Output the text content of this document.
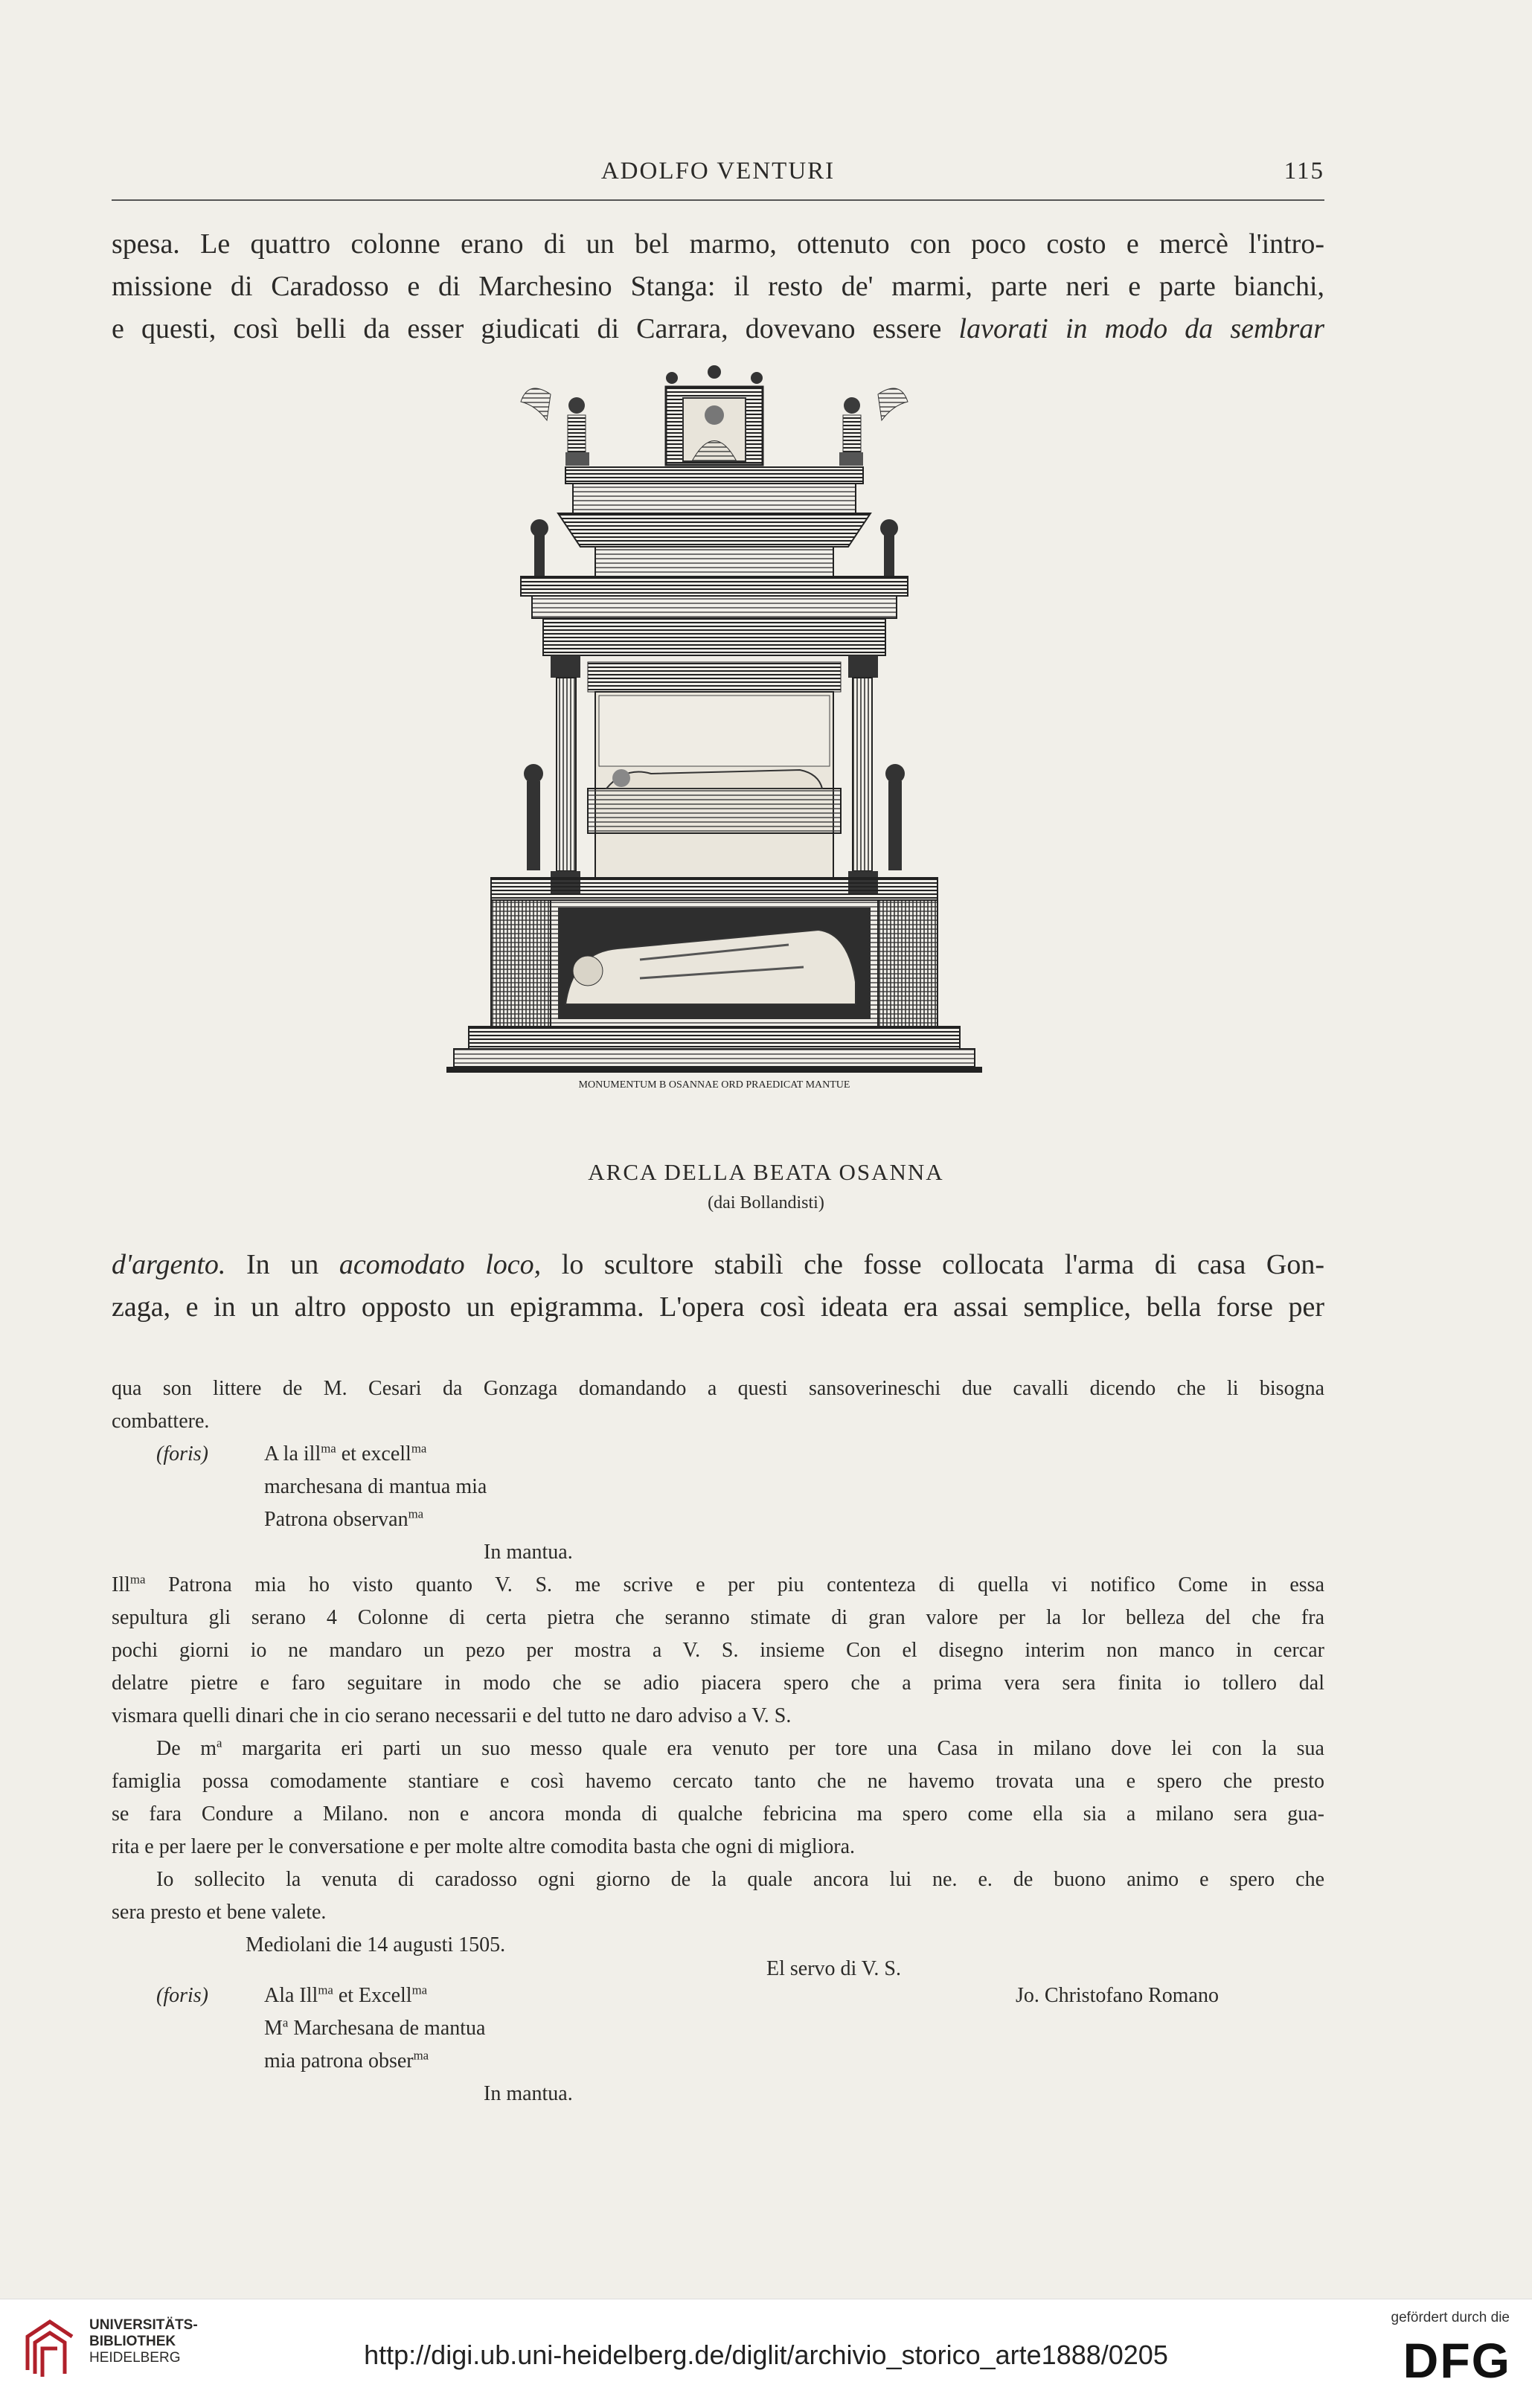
ADOLFO VENTURI	115
spesa. Le quattro colonne erano di un bel marmo, ottenuto con poco costo e mercè l'intro-
missione di Caradosso e di Marchesino Stanga: il resto de' marmi, parte neri e parte bianchi,
e questi, così belli da esser giudicati di Carrara, dovevano essere lavorati in modo da sembrar
MONUMENTUM B OSANNAE ORD PRAEDICAT MANTUE
ARCA DELLA BEATA OSANNA
(dai Bollandisti)
d'argento. In un acomodato loco, lo scultore stabilì che fosse collocata l'arma di casa Gon-
zaga, e in un altro opposto un epigramma. L'opera così ideata era assai semplice, bella forse per
qua son littere de M. Cesari da Gonzaga domandando a questi sansoverineschi due cavalli dicendo che li bisogna
combattere.
(foris)	A la ill$^{ma}$ et excell$^{ma}$
marchesana di mantua mia
Patrona observan$^{ma}$
In mantua.
Ill$^{ma}$ Patrona mia ho visto quanto V. S. me scrive e per piu contenteza di quella vi notifico Come in essa
sepultura gli serano 4 Colonne di certa pietra che seranno stimate di gran valore per la lor belleza del che fra
pochi giorni io ne mandaro un pezo per mostra a V. S. insieme Con el disegno interim non manco in cercar
delatre pietre e faro seguitare in modo che se adio piacera spero che a prima vera sera finita io tollero dal
vismara quelli dinari che in cio serano necessarii e del tutto ne daro adviso a V. S.
De $m^a$ margarita eri parti un suo messo quale era venuto per tore una Casa in milano dove lei con la sua
famiglia possa comodamente stantiare e così havemo cercato tanto che ne havemo trovata una e spero che presto
se fara Condure a Milano. non e ancora monda di qualche febricina ma spero come ella sia a milano sera gua-
rita e per laere per le conversatione e per molte altre comodita basta che ogni di migliora.
Io sollecito la venuta di caradosso ogni giorno de la quale ancora lui ne. e. de buono animo e spero che
sera presto et bene valete.
Mediolani die 14 augusti 1505.
El servo di V. S.
(foris)	Ala Ill$^{ma}$ et Excell$^{ma}$	Jo. Christofano Romano
$M^a$ Marchesana de mantua
mia patrona obser$^{ma}$
In mantua.
UNIVERSITÄTS-
BIBLIOTHEK
HEIDELBERG	http://digi.ub.uni-heidelberg.de/diglit/archivio_storico_arte1888/0205
gefördert durch die
DFG
